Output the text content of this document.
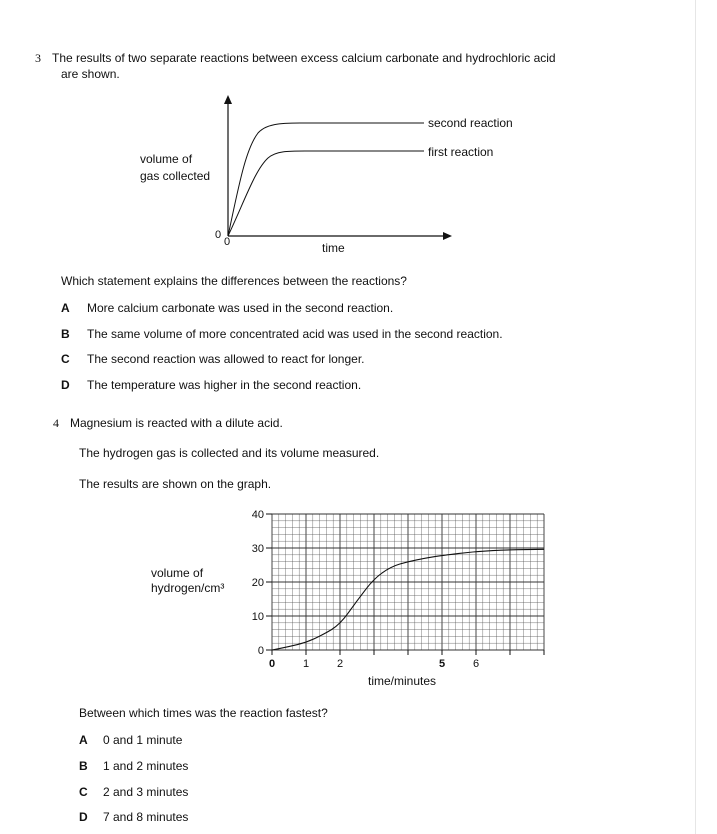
3 The results of two separate reactions between excess calcium carbonate and hydrochloric acid
are shown.
volume of
gas collected
0
0	time
second reaction
first reaction
Which statement explains the differences between the reactions?
A More calcium carbonate was used in the second reaction.
B The same volume of more concentrated acid was used in the second reaction.
C The second reaction was allowed to react for longer.
D The temperature was higher in the second reaction.
4 Magnesium is reacted with a dilute acid.
The hydrogen gas is collected and its volume measured.
The results are shown on the graph.
volume of
hydrogen/cm³
40
30
20
10
0
0	1	2	5	6
time/minutes
Between which times was the reaction fastest?
A 0 and 1 minute
B 1 and 2 minutes
C 2 and 3 minutes
D 7 and 8 minutes
